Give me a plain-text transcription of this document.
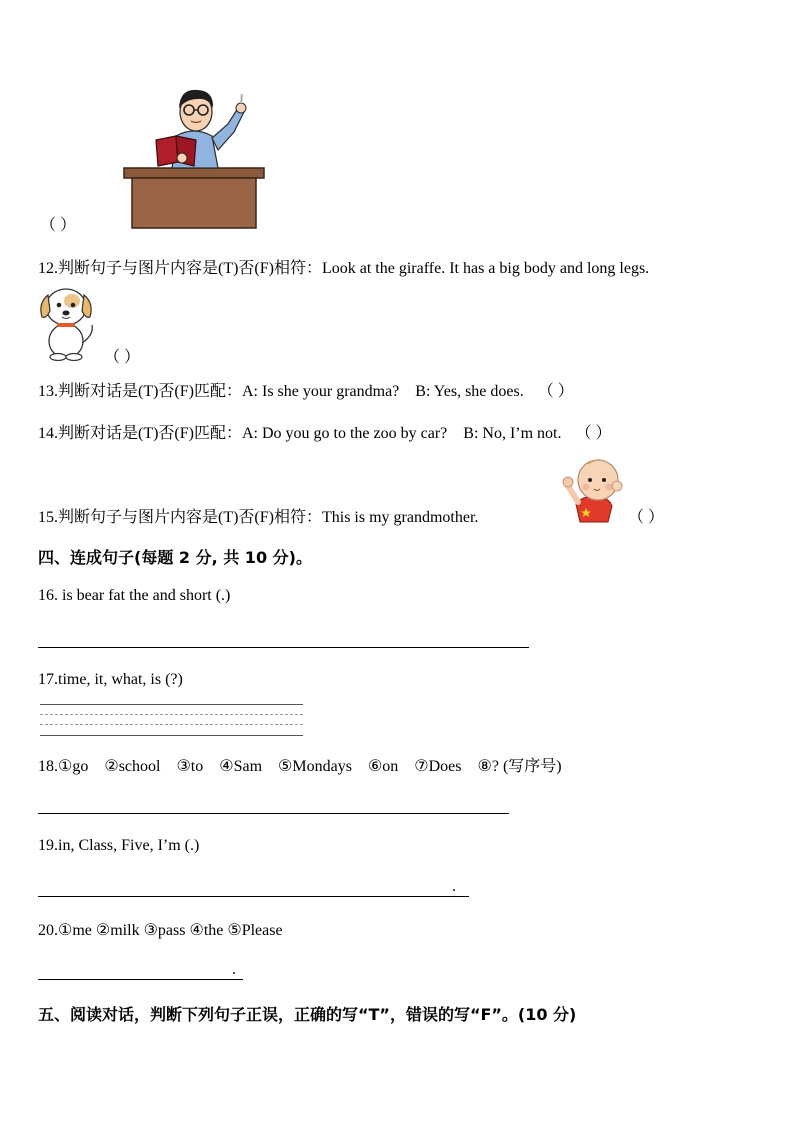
（ ）
12.判断句子与图片内容是(T)否(F)相符：Look at the giraffe. It has a big body and long legs.
（ ）
13.判断对话是(T)否(F)匹配：A: Is she your grandma?　B: Yes, she does. （ ）
14.判断对话是(T)否(F)匹配：A: Do you go to the zoo by car?　B: No, I’m not. （ ）
15.判断句子与图片内容是(T)否(F)相符：This is my grandmother.	（ ）
四、连成句子(每题 2 分, 共 10 分)。
16. is bear fat the and short (.)
17.time, it, what, is (?)
18.①go　②school　③to　④Sam　⑤Mondays　⑥on　⑦Does　⑧? (写序号)
19.in, Class, Five, I’m (.)
.
20.①me ②milk ③pass ④the ⑤Please
.
五、阅读对话，判断下列句子正误，正确的写“T”，错误的写“F”。(10 分)
